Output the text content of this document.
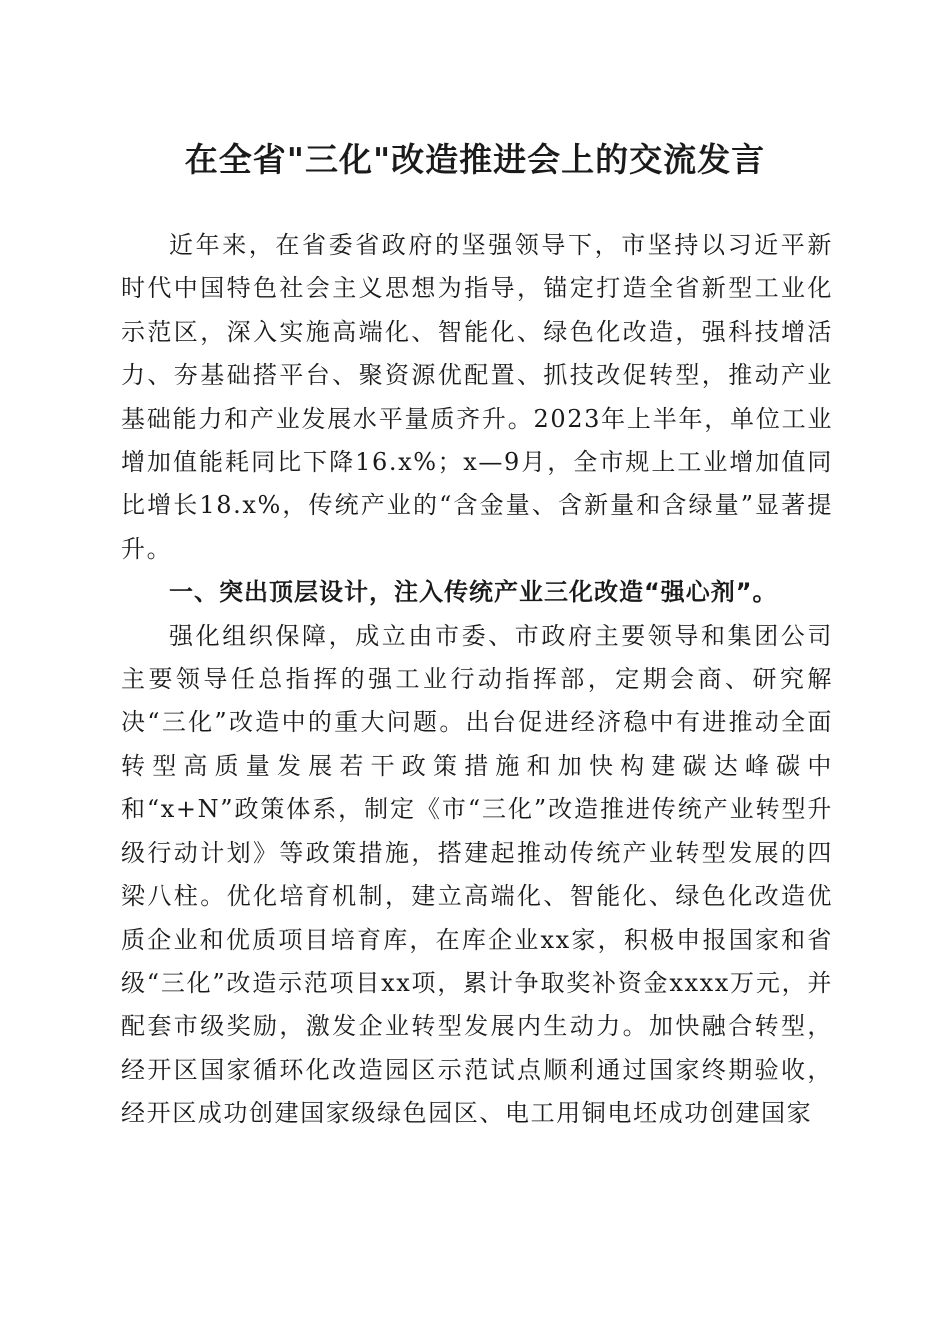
在全省"三化"改造推进会上的交流发言

近年来，在省委省政府的坚强领导下，市坚持以习近平新时代中国特色社会主义思想为指导，锚定打造全省新型工业化示范区，深入实施高端化、智能化、绿色化改造，强科技增活力、夯基础搭平台、聚资源优配置、抓技改促转型，推动产业基础能力和产业发展水平量质齐升。2023年上半年，单位工业增加值能耗同比下降16.x%；x—9月，全市规上工业增加值同比增长18.x%，传统产业的“含金量、含新量和含绿量”显著提升。

一、突出顶层设计，注入传统产业三化改造“强心剂”。

强化组织保障，成立由市委、市政府主要领导和集团公司主要领导任总指挥的强工业行动指挥部，定期会商、研究解决“三化”改造中的重大问题。出台促进经济稳中有进推动全面转型高质量发展若干政策措施和加快构建碳达峰碳中和“x+N”政策体系，制定《市“三化”改造推进传统产业转型升级行动计划》等政策措施，搭建起推动传统产业转型发展的四梁八柱。优化培育机制，建立高端化、智能化、绿色化改造优质企业和优质项目培育库，在库企业xx家，积极申报国家和省级“三化”改造示范项目xx项，累计争取奖补资金xxxx万元，并配套市级奖励，激发企业转型发展内生动力。加快融合转型，经开区国家循环化改造园区示范试点顺利通过国家终期验收，经开区成功创建国家级绿色园区、电工用铜电坯成功创建国家
